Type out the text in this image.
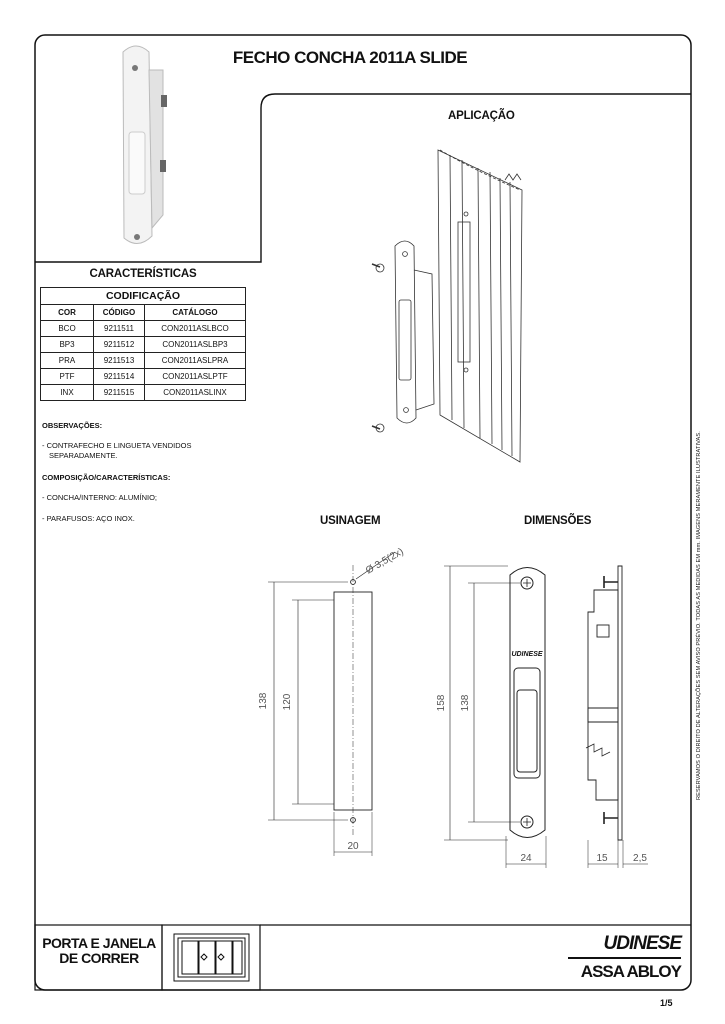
Ø 3,5(2x)
138 120
20
158 138
24	15	2,5
UDINESE
FECHO CONCHA 2011A SLIDE
APLICAÇÃO
CARACTERÍSTICAS
USINAGEM	DIMENSÕES
CODIFICAÇÃO		
COR	CÓDIGO	CATÁLOGO
BCO	9211511	CON2011ASLBCO
BP3	9211512	CON2011ASLBP3
PRA	9211513	CON2011ASLPRA
PTF	9211514	CON2011ASLPTF
INX	9211515	CON2011ASLINX
OBSERVAÇÕES:
- CONTRAFECHO E LINGUETA VENDIDOS
SEPARADAMENTE.
COMPOSIÇÃO/CARACTERÍSTICAS:
- CONCHA/INTERNO: ALUMÍNIO;
- PARAFUSOS: AÇO INOX.	RESERVAMOS O DIREITO DE ALTERAÇÕES SEM AVISO PRÉVIO. TODAS AS MEDIDAS EM mm. IMAGENS MERAMENTE ILUSTRATIVAS.
PORTA E JANELA
DE CORRER
UDINESE
ASSA ABLOY
1/5
